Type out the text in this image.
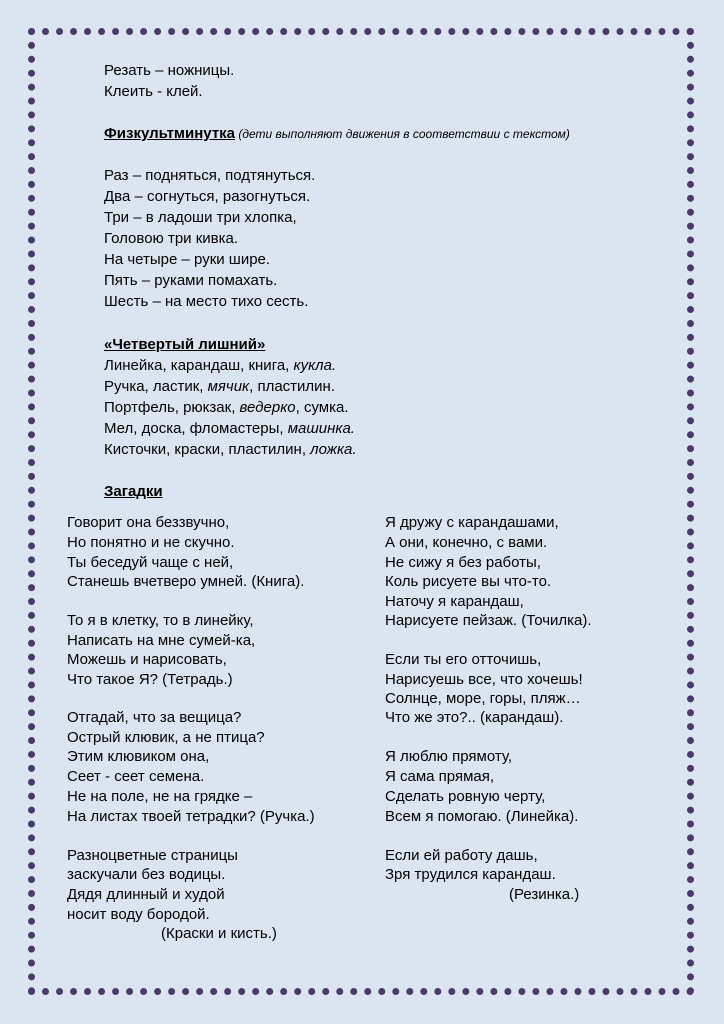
Резать – ножницы.
Клеить - клей.
Физкультминутка (дети выполняют движения в соответствии с текстом)
Раз – подняться, подтянуться.
Два – согнуться, разогнуться.
Три – в ладоши три хлопка,
Головою три кивка.
На четыре – руки шире.
Пять – руками помахать.
Шесть – на место тихо сесть.
«Четвертый лишний»
Линейка, карандаш, книга, кукла.
Ручка, ластик, мячик, пластилин.
Портфель, рюкзак, ведерко, сумка.
Мел, доска, фломастеры, машинка.
Кисточки, краски, пластилин, ложка.
Загадки
Говорит она беззвучно,
Но понятно и не скучно.
Ты беседуй чаще с ней,
Станешь вчетверо умней. (Книга).
То я в клетку, то в линейку,
Написать на мне сумей-ка,
Можешь и нарисовать,
Что такое Я? (Тетрадь.)
Отгадай, что за вещица?
Острый клювик, а не птица?
Этим клювиком она,
Сеет - сеет семена.
Не на поле, не на грядке –
На листах твоей тетрадки? (Ручка.)
Разноцветные страницы
заскучали без водицы.
Дядя длинный и худой
носит воду бородой.
(Краски и кисть.)
Я дружу с карандашами,
А они, конечно, с вами.
Не сижу я без работы,
Коль рисуете вы что-то.
Наточу я карандаш,
Нарисуете пейзаж. (Точилка).
Если ты его отточишь,
Нарисуешь все, что хочешь!
Солнце, море, горы, пляж…
Что же это?.. (карандаш).
Я люблю прямоту,
Я сама прямая,
Сделать ровную черту,
Всем я помогаю. (Линейка).
Если ей работу дашь,
Зря трудился карандаш.
(Резинка.)
